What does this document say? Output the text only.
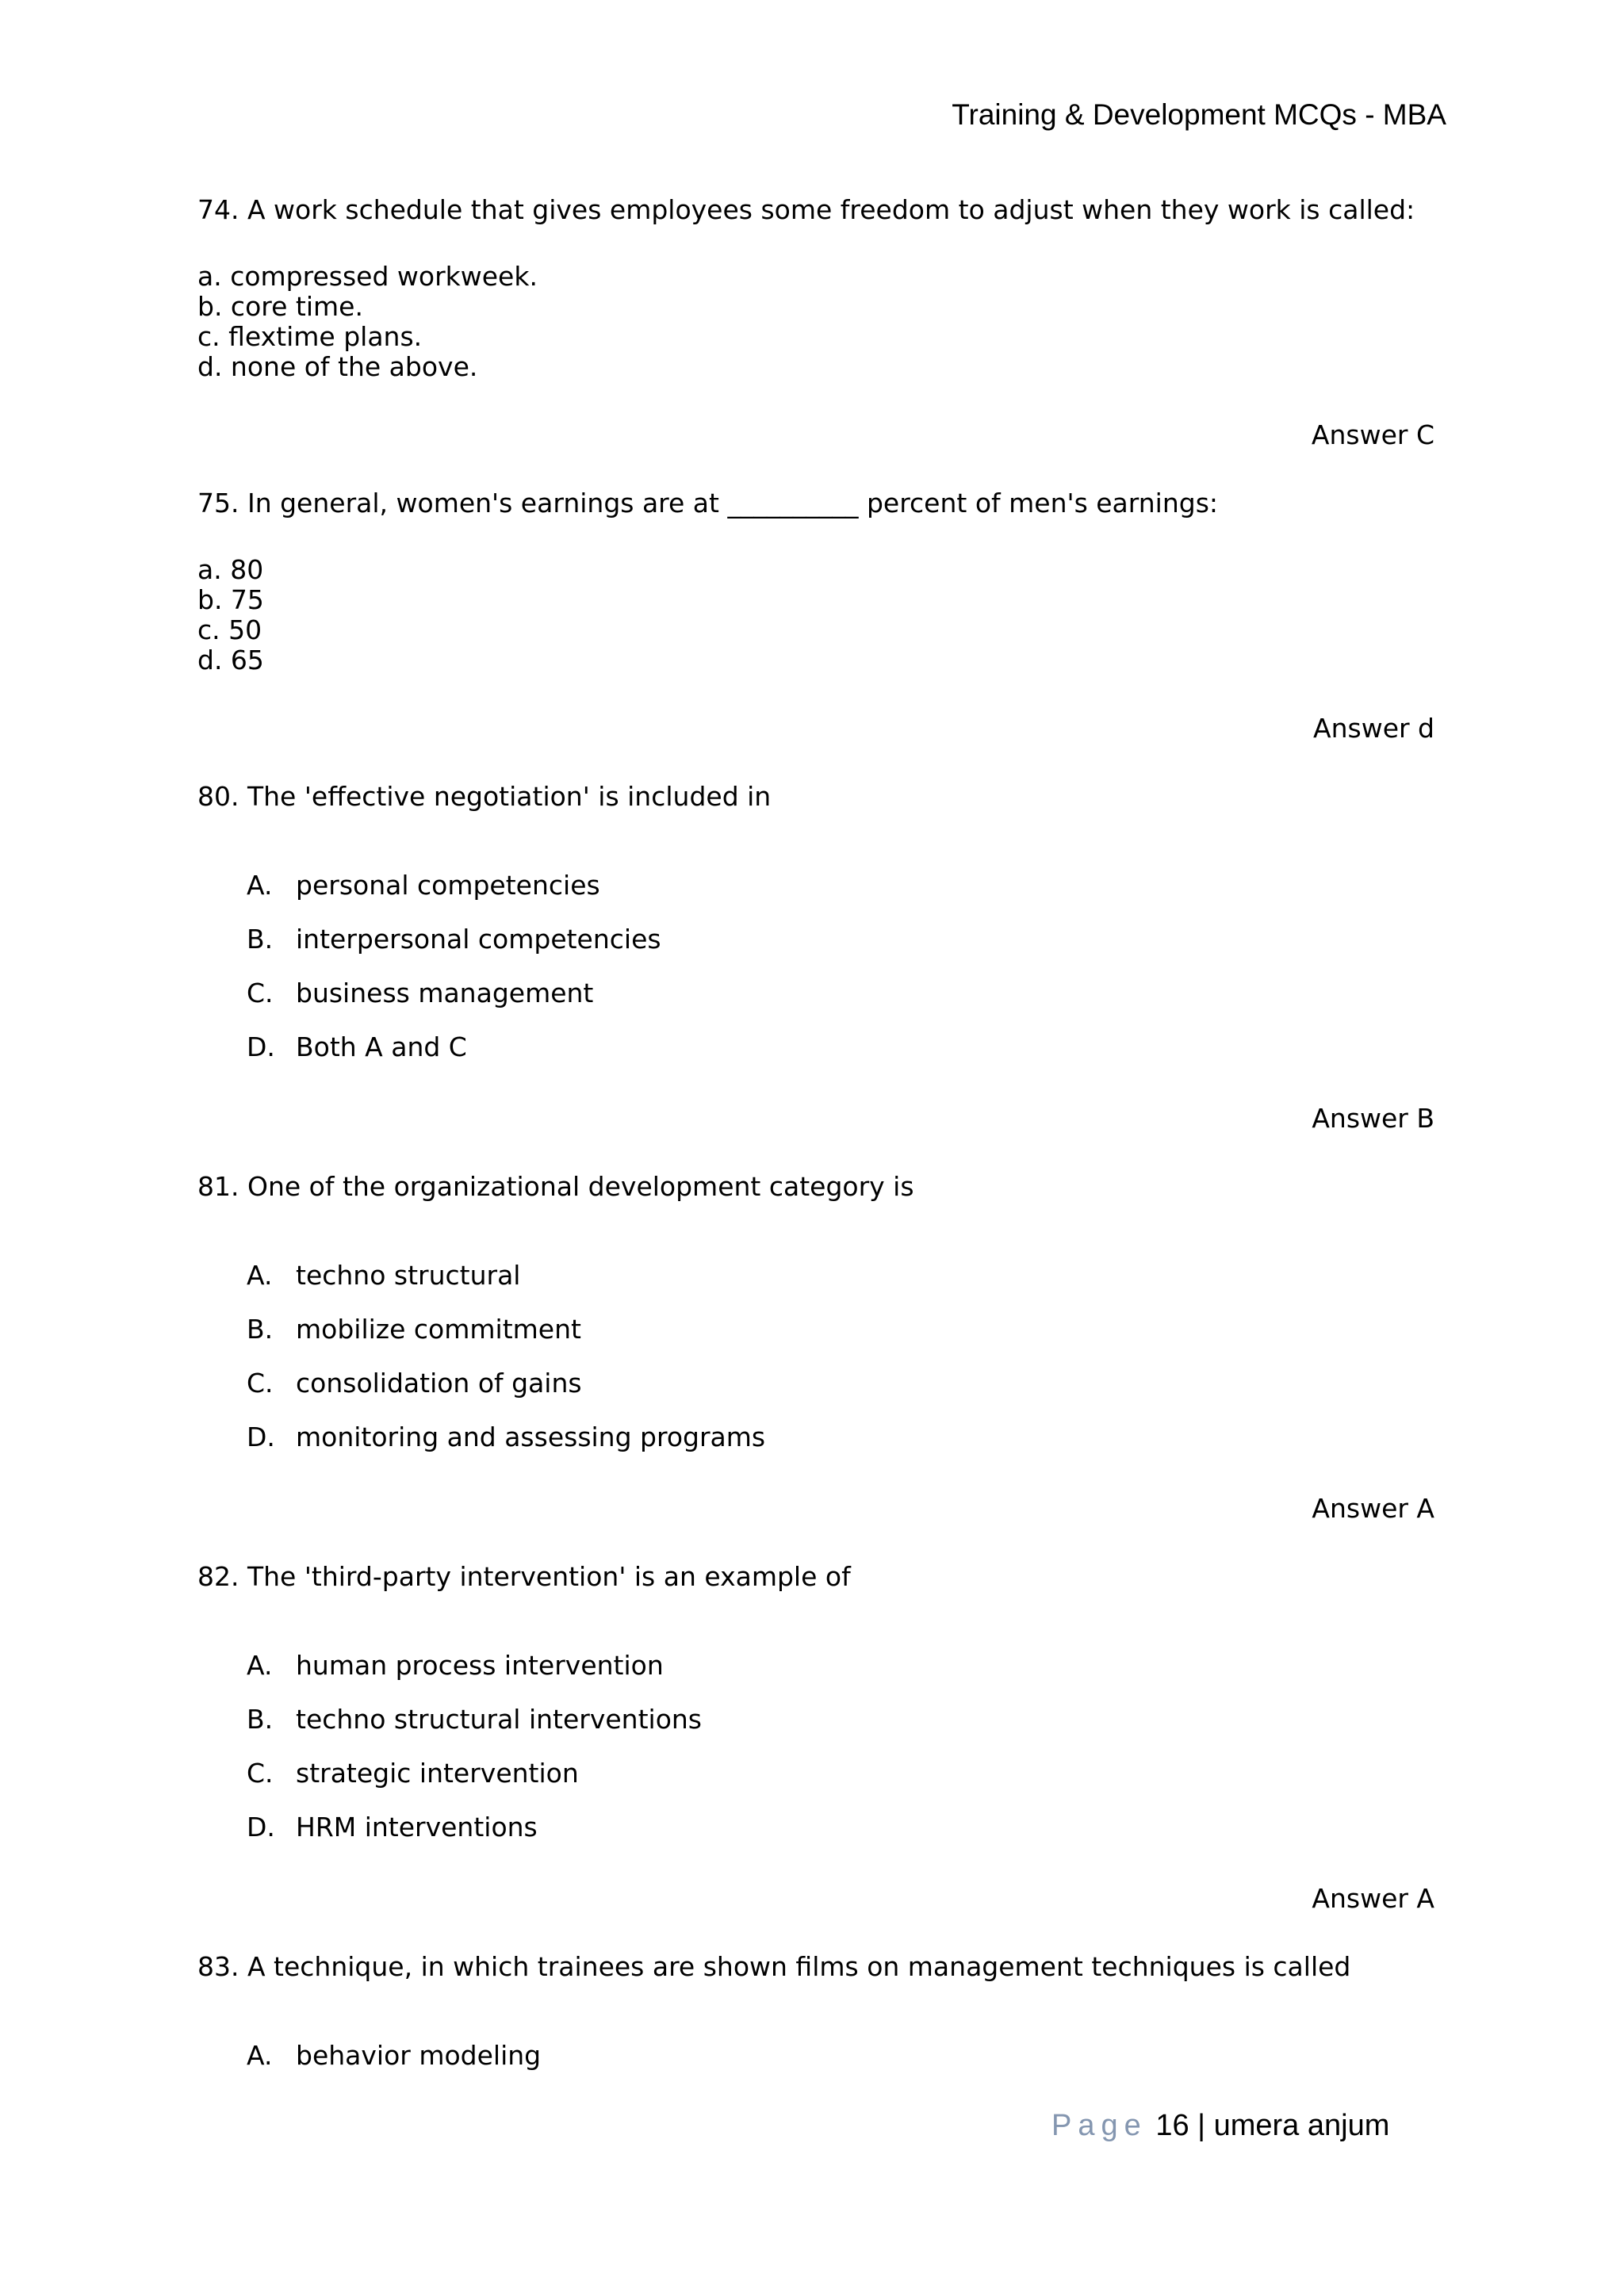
Training & Development MCQs - MBA

74. A work schedule that gives employees some freedom to adjust when they work is called:

a. compressed workweek.
b. core time.
c. flextime plans.
d. none of the above.
Answer C

75. In general, women's earnings are at __________ percent of men's earnings:

a. 80
b. 75
c. 50
d. 65
Answer d

80. The 'effective negotiation' is included in

A. personal competencies
B. interpersonal competencies
C. business management
D. Both A and C
Answer B

81. One of the organizational development category is

A. techno structural
B. mobilize commitment
C. consolidation of gains
D. monitoring and assessing programs
Answer A

82. The 'third-party intervention' is an example of

A. human process intervention
B. techno structural interventions
C. strategic intervention
D. HRM interventions
Answer A

83. A technique, in which trainees are shown films on management techniques is called

A. behavior modeling
Page 16 | umera anjum
